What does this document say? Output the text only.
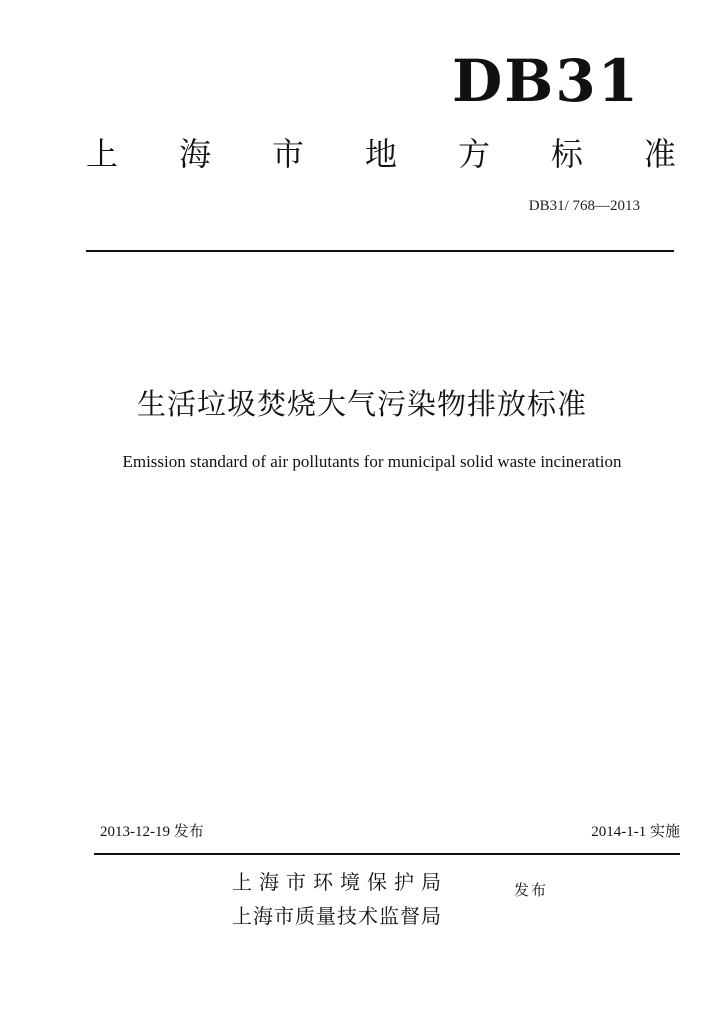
DB31
上 海 市 地 方 标 准
DB31/ 768—2013
生活垃圾焚烧大气污染物排放标准
Emission standard of air pollutants for municipal solid waste incineration
2013-12-19 发布	2014-1-1 实施
上海市环境保护局	发布
上海市质量技术监督局
